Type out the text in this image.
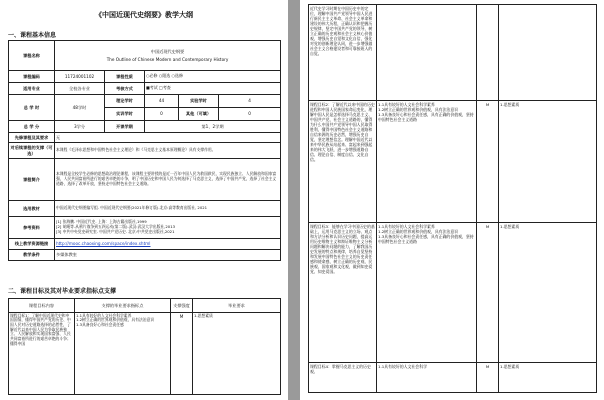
《中国近现代史纲要》教学大纲
一、课程基本信息
课程名称	中国近现代史纲要
The Outline of Chinese Modern and Contemporary History				

课程编码	11724001102	课程性质	○必修 ○限选 ○选修		
适用专业	全校各专业	考核方式	■考试 □考查		
总 学 时	48学时	理论学时	44	实验学时	4
		实训学时	0	其他（可填）	0
总 学 分	3学分	开课学期	第1、2学期		
先修课程及其要求	无				
对后续课程的支撑（可选）	本课程《毛泽东思想和中国特色社会主义理论》和《马克思主义基本原理概论》具有支撑作用。				
课程简介	本课程是全校学生必修的思想政治理论课程，该课程主要讲授的是近一百年中国人民为救国救民，实现民族独立、人民解放和国家富强，人民共同富裕所进行的艰苦卓绝的斗争，明了中国历史和中国人民为何选择了马克思主义，选择了中国共产党，选择了社会主义道路，选择了改革开放，坚持走中国特色社会主义道路。				
选用教材	中国近现代史纲要编写组. 中国近现代史纲要(2021年修订版).北京:高等教育出版社, 2021				
参考资料	[1] 张海鹏. 中国近代史. 上海：上海古籍出版社,1999
[2] 胡绳等.从鸦片战争到五四运动(第二版).武汉:武汉大学出版社,2013
[3] 中共中央党史研究室. 中国共产党历史. 北京:中共党史出版社,2021				

线上教学资源链接	http://mooc.chaoxing.com/space/index.shtml				
教学条件	多媒体教室				
二、课程目标及其对毕业要求指标点支撑
课程目标内容	支撑的毕业要求指标点	支撑强度	毕业要求
课程目标1：了解中国近现代史和中国国情，懂得中国共产党的历史、中国人民对历史道路选择的必然性，了解近代以来中国人民为争取民族独立、人民解放和实现国家富强、人民共同富裕所进行的艰苦卓绝的斗争；懂得中国	1.1具有较好的人文社会科学素养
1.2树立正确的世界观和价值观，具有法治意识
1.3具备良好心和社会责任感	M	1.思想素质
近代史学习时期在中国历史中的定位，理解中国共产党领导中国人民进行新民主主义革命、社会主义革命和建设的伟大历程，正确认识和把握历史规律，坚定中国共产党的领导，树立正确的历史观和社会主义核心价值观，增强历史自觉和文化自信，强化对党的创新理论认同，进一步增强做社会主义合格建设者和可靠接班人的自觉。			
课程目标2：了解近代以来中国的历史进程和中国人民族国家命运变化，理解中国人民是怎样选择马克思主义、中国共产党、社会主义道路的，懂得为什么中国共产党领导中国人民取得胜利，懂得中国特色社会主义道路和自信来源的历史必然，增强历史自觉，坚定理想信念。理解中国近代以来中华民族从站起来、富起来到强起来的伟大飞跃，进一步增强道路自信、理论自信、制度自信、文化自信。	1.1具有较好的人文社会科学素养
1.2树立正确的世界观和价值观，具有法治意识
1.3具备良好心和社会责任感，具有正确的价值观，坚持中国特色社会主义道路	M	1.思想素质
课程目标3：能够在学习中国历史的基础上，运用马克思主义的立场、观点和方法分析和认识历史问题，提高运用历史唯物主义和辩证唯物主义分析问题和解决问题的能力，了解我国历史发展的特点和规律，培养自觉坚持和发展中国特色社会主义的历史责任感和使命感，树立正确的历史观、民族观、国家观和文化观，做到知史爱党、知史爱国。	1.1具有较好的人文社会科学素养
1.2树立正确的世界观和价值观，具有法治意识
1.3具备良好心和社会责任感，具有正确的价值观，坚持中国特色社会主义道路	M	1.思想素质
课程目标4：掌握马克思主义的历史观、	1.1具有较好的人文社会科学	M	1.思想素质
